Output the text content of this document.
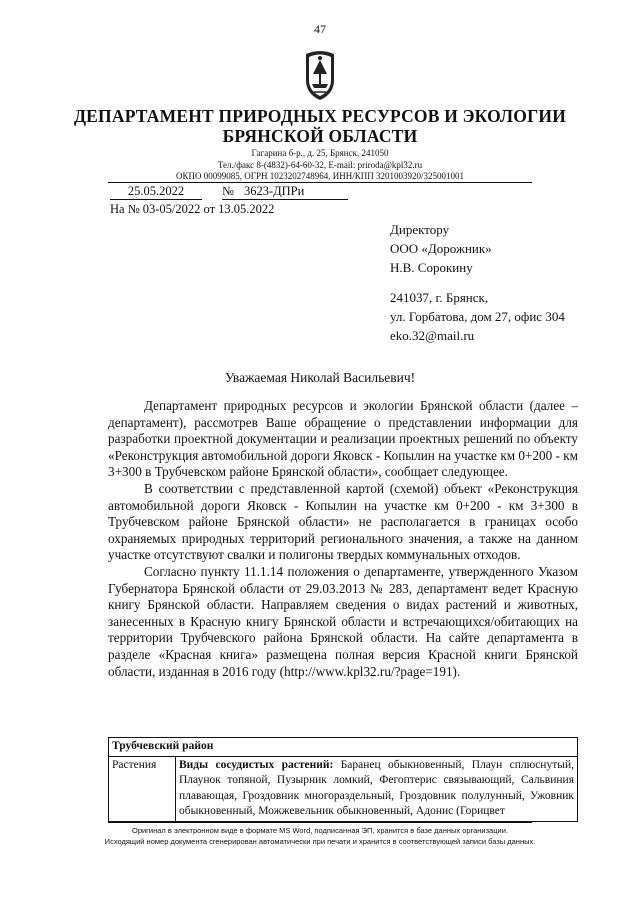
47
ДЕПАРТАМЕНТ ПРИРОДНЫХ РЕСУРСОВ И ЭКОЛОГИИ
БРЯНСКОЙ ОБЛАСТИ
Гагарина б-р., д. 25, Брянск, 241050
Тел./факс 8-(4832)-64-60-32, E-mail: priroda@kpl32.ru
ОКПО 00099085, ОГРН 1023202748964, ИНН/КПП 3201003920/325001001
25.05.2022	№ 3623-ДПРи
На № 03-05/2022 от 13.05.2022
Директору
ООО «Дорожник»
Н.В. Сорокину
241037, г. Брянск,
ул. Горбатова, дом 27, офис 304
eko.32@mail.ru
Уважаемая Николай Васильевич!

Департамент природных ресурсов и экологии Брянской области (далее – департамент), рассмотрев Ваше обращение о представлении информации для разработки проектной документации и реализации проектных решений по объекту «Реконструкция автомобильной дороги Яковск - Копылин на участке км 0+200 - км 3+300 в Трубчевском районе Брянской области», сообщает следующее.

В соответствии с представленной картой (схемой) объект «Реконструкция автомобильной дороги Яковск - Копылин на участке км 0+200 - км 3+300 в Трубчевском районе Брянской области» не располагается в границах особо охраняемых природных территорий регионального значения, а также на данном участке отсутствуют свалки и полигоны твердых коммунальных отходов.

Согласно пункту 11.1.14 положения о департаменте, утвержденного Указом Губернатора Брянской области от 29.03.2013 № 283, департамент ведет Красную книгу Брянской области. Направляем сведения о видах растений и животных, занесенных в Красную книгу Брянской области и встречающихся/обитающих на территории Трубчевского района Брянской области. На сайте департамента в разделе «Красная книга» размещена полная версия Красной книги Брянской области, изданная в 2016 году (http://www.kpl32.ru/?page=191).

Трубчевский район
Растения	Виды сосудистых растений: Баранец обыкновенный, Плаун сплюснутый, Плаунок топяной, Пузырник ломкий, Фегоптерис связывающий, Сальвиния плавающая, Гроздовник многораздельный, Гроздовник полулунный, Ужовник обыкновенный, Можжевельник обыкновенный, Адонис (Горицвет
Оригинал в электронном виде в формате MS Word, подписанная ЭП, хранится в базе данных организации.
Исходящий номер документа сгенерирован автоматически при печати и хранится в соответствующей записи базы данных.
